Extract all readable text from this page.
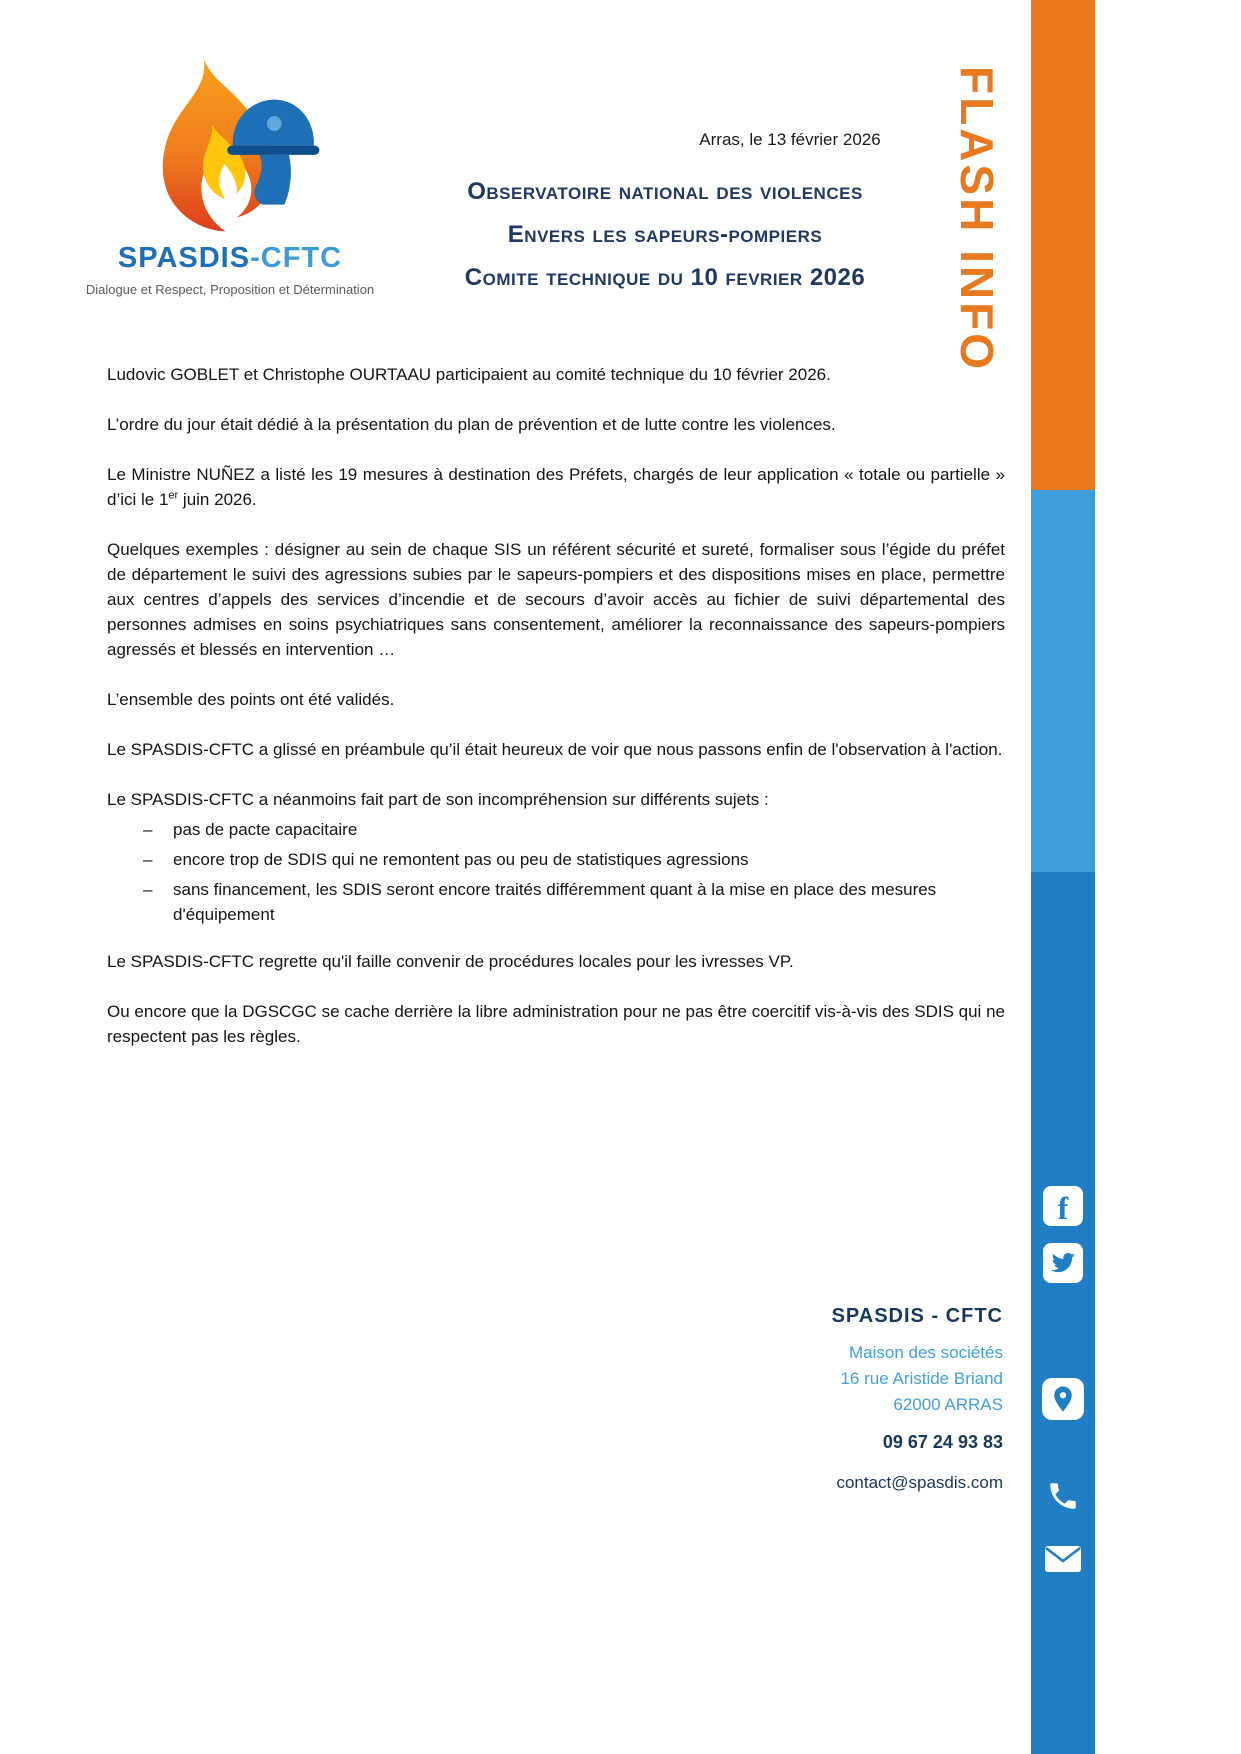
f
FLASH INFO
SPASDIS-CFTC
Dialogue et Respect, Proposition et Détermination
Arras, le 13 février 2026
Observatoire national des violences
Envers les sapeurs-pompiers
Comite technique du 10 fevrier 2026

Ludovic GOBLET et Christophe OURTAAU participaient au comité technique du 10 février 2026.

L’ordre du jour était dédié à la présentation du plan de prévention et de lutte contre les violences.

Le Ministre NUÑEZ a listé les 19 mesures à destination des Préfets, chargés de leur application « totale ou partielle » d’ici le 1er juin 2026.

Quelques exemples : désigner au sein de chaque SIS un référent sécurité et sureté, formaliser sous l’égide du préfet de département le suivi des agressions subies par le sapeurs-pompiers et des dispositions mises en place, permettre aux centres d’appels des services d’incendie et de secours d’avoir accès au fichier de suivi départemental des personnes admises en soins psychiatriques sans consentement, améliorer la reconnaissance des sapeurs-pompiers agressés et blessés en intervention …

L’ensemble des points ont été validés.

Le SPASDIS-CFTC a glissé en préambule qu’il était heureux de voir que nous passons enfin de l'observation à l'action.

Le SPASDIS-CFTC a néanmoins fait part de son incompréhension sur différents sujets :

–	pas de pacte capacitaire
–	encore trop de SDIS qui ne remontent pas ou peu de statistiques agressions
–	sans financement, les SDIS seront encore traités différemment quant à la mise en place des mesures d'équipement

Le SPASDIS-CFTC regrette qu'il faille convenir de procédures locales pour les ivresses VP.

Ou encore que la DGSCGC se cache derrière la libre administration pour ne pas être coercitif vis-à-vis des SDIS qui ne respectent pas les règles.

SPASDIS - CFTC
Maison des sociétés
16 rue Aristide Briand
62000 ARRAS
09 67 24 93 83
contact@spasdis.com
